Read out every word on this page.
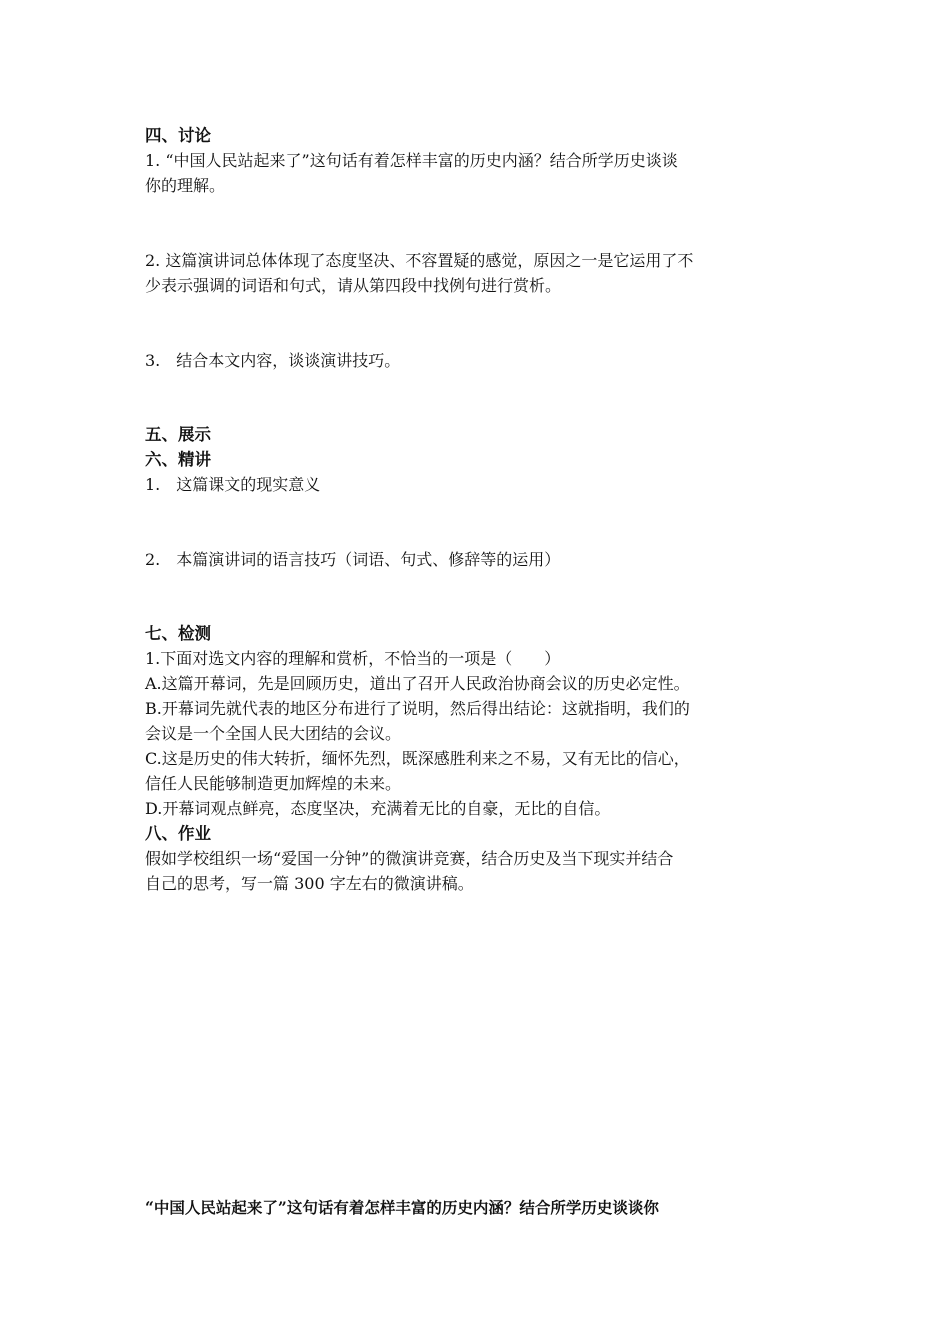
四、讨论
1. “中国人民站起来了”这句话有着怎样丰富的历史内涵？结合所学历史谈谈
你的理解。
2. 这篇演讲词总体体现了态度坚决、不容置疑的感觉，原因之一是它运用了不
少表示强调的词语和句式，请从第四段中找例句进行赏析。
3.　结合本文内容，谈谈演讲技巧。
五、展示
六、精讲
1.　这篇课文的现实意义
2.　本篇演讲词的语言技巧（词语、句式、修辞等的运用）
七、检测
1.下面对选文内容的理解和赏析，不恰当的一项是（　　）
A.这篇开幕词，先是回顾历史，道出了召开人民政治协商会议的历史必定性。
B.开幕词先就代表的地区分布进行了说明，然后得出结论：这就指明，我们的
会议是一个全国人民大团结的会议。
C.这是历史的伟大转折，缅怀先烈，既深感胜利来之不易，又有无比的信心，
信任人民能够制造更加辉煌的未来。
D.开幕词观点鲜亮，态度坚决，充满着无比的自豪，无比的自信。
八、作业
假如学校组织一场“爱国一分钟”的微演讲竞赛，结合历史及当下现实并结合
自己的思考，写一篇 300 字左右的微演讲稿。
“中国人民站起来了”这句话有着怎样丰富的历史内涵？结合所学历史谈谈你
